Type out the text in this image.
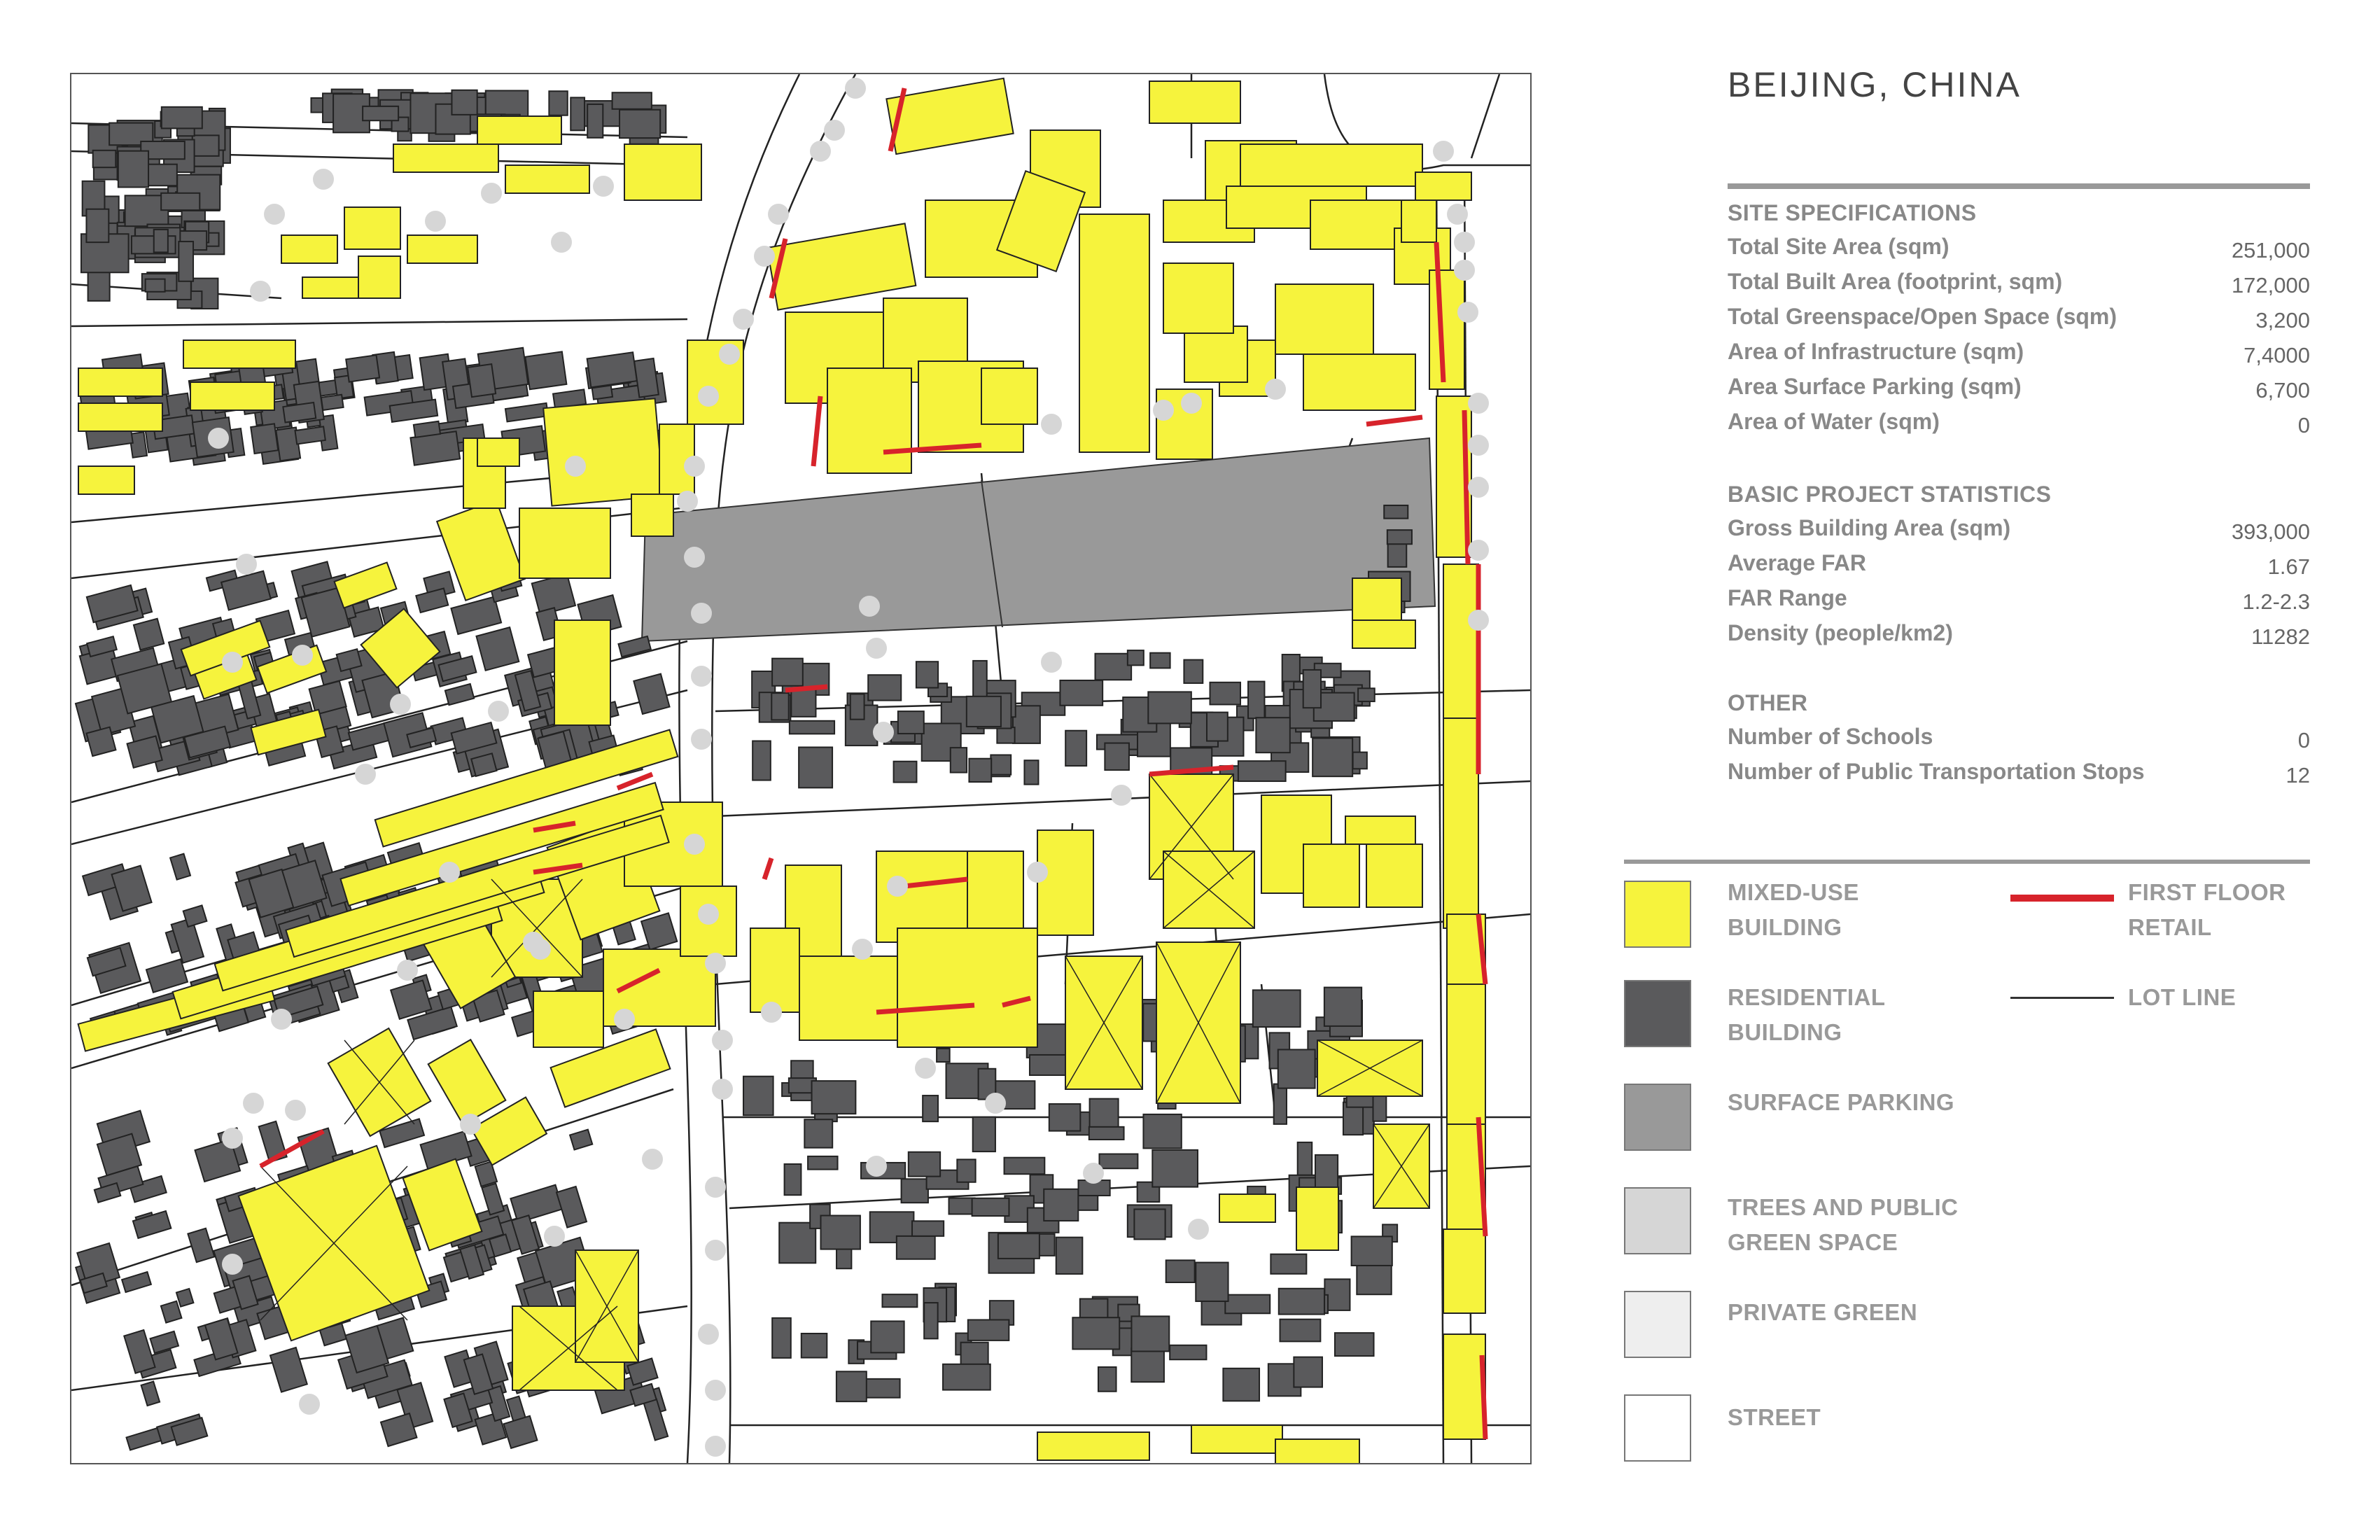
BEIJING, CHINA
SITE SPECIFICATIONS
Total Site Area (sqm)	251,000
Total Built Area (footprint, sqm)	172,000
Total Greenspace/Open Space (sqm)	3,200
Area of Infrastructure (sqm)	7,4000
Area Surface Parking (sqm)	6,700
Area of Water (sqm)	0
BASIC PROJECT STATISTICS
Gross Building Area (sqm)	393,000
Average FAR	1.67
FAR Range	1.2-2.3
Density (people/km2)	11282
OTHER
Number of Schools	0
Number of Public Transportation Stops	12
MIXED-USE
BUILDING
RESIDENTIAL
BUILDING
SURFACE PARKING
TREES AND PUBLIC
GREEN SPACE
PRIVATE GREEN
STREET
FIRST FLOOR
RETAIL
LOT LINE
